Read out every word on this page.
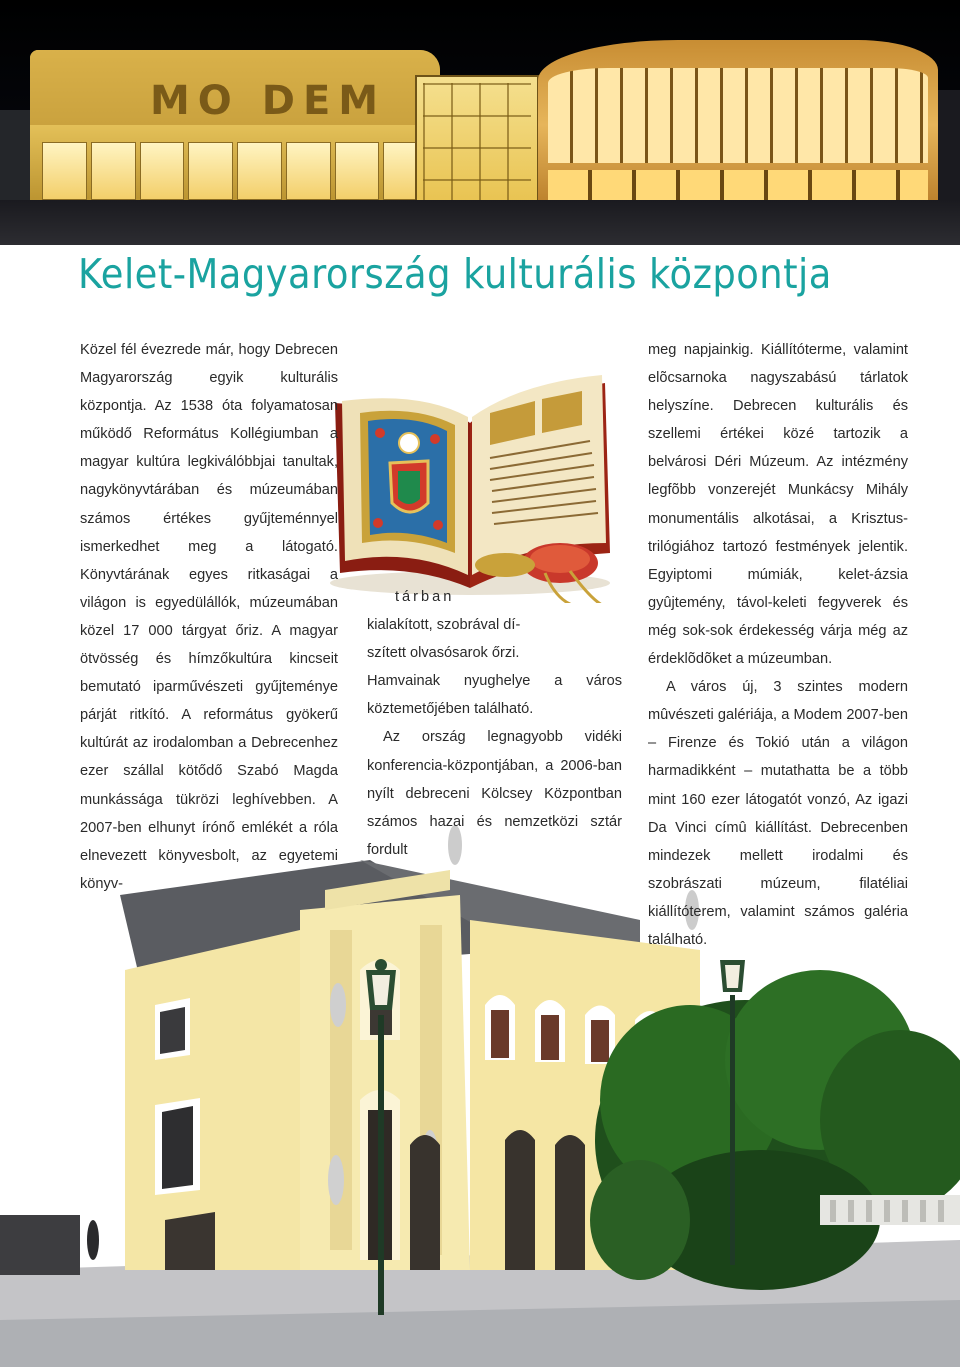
MO DEM
Kelet-Magyarország kulturális központja

Közel fél évezrede már, hogy Debrecen Magyarország egyik kulturális központja. Az 1538 óta folyamatosan működő Református Kollégiumban a magyar kultúra legkiválóbbjai tanultak, nagykönyvtárában és múzeumában számos értékes gyűjteménnyel ismerkedhet meg a látogató. Könyvtárának egyes ritkaságai a világon is egyedülállók, múzeumában közel 17 000 tárgyat őriz. A magyar ötvösség és hímzőkultúra kincseit bemutató iparművészeti gyűjteménye párját ritkító. A református gyökerű kultúrát az irodalomban a Debrecenhez ezer szállal kötődő Szabó Magda munkássága tükrözi leghívebben. A 2007-ben elhunyt írónő emlékét a róla elnevezett könyvesbolt, az egyetemi könyv-

tárban
kialakított, szobrával dí-
szített olvasósarok őrzi.
Hamvainak nyughelye a város köztemetőjében található.
Az ország legnagyobb vidéki konferencia-központjában, a 2006-ban nyílt debreceni Kölcsey Központban számos hazai és nemzetközi sztár fordult
meg napjainkig. Kiállítóterme, valamint elõcsarnoka nagyszabású tárlatok helyszíne. Debrecen kulturális és szellemi értékei közé tartozik a belvárosi Déri Múzeum. Az intézmény legfõbb vonzerejét Munkácsy Mihály monumentális alkotásai, a Krisztus-trilógiához tartozó festmények jelentik. Egyiptomi múmiák, kelet-ázsia gyûjtemény, távol-keleti fegyverek és még sok-sok érdekesség várja még az érdeklõdõket a múzeumban.
A város új, 3 szintes modern mûvészeti galériája, a Modem 2007-ben – Firenze és Tokió után a világon harmadikként – mutathatta be a több mint 160 ezer látogatót vonzó, Az igazi Da Vinci címû kiállítást. Debrecenben mindezek mellett irodalmi és szobrászati múzeum, filatéliai kiállítóterem, valamint számos galéria található.
